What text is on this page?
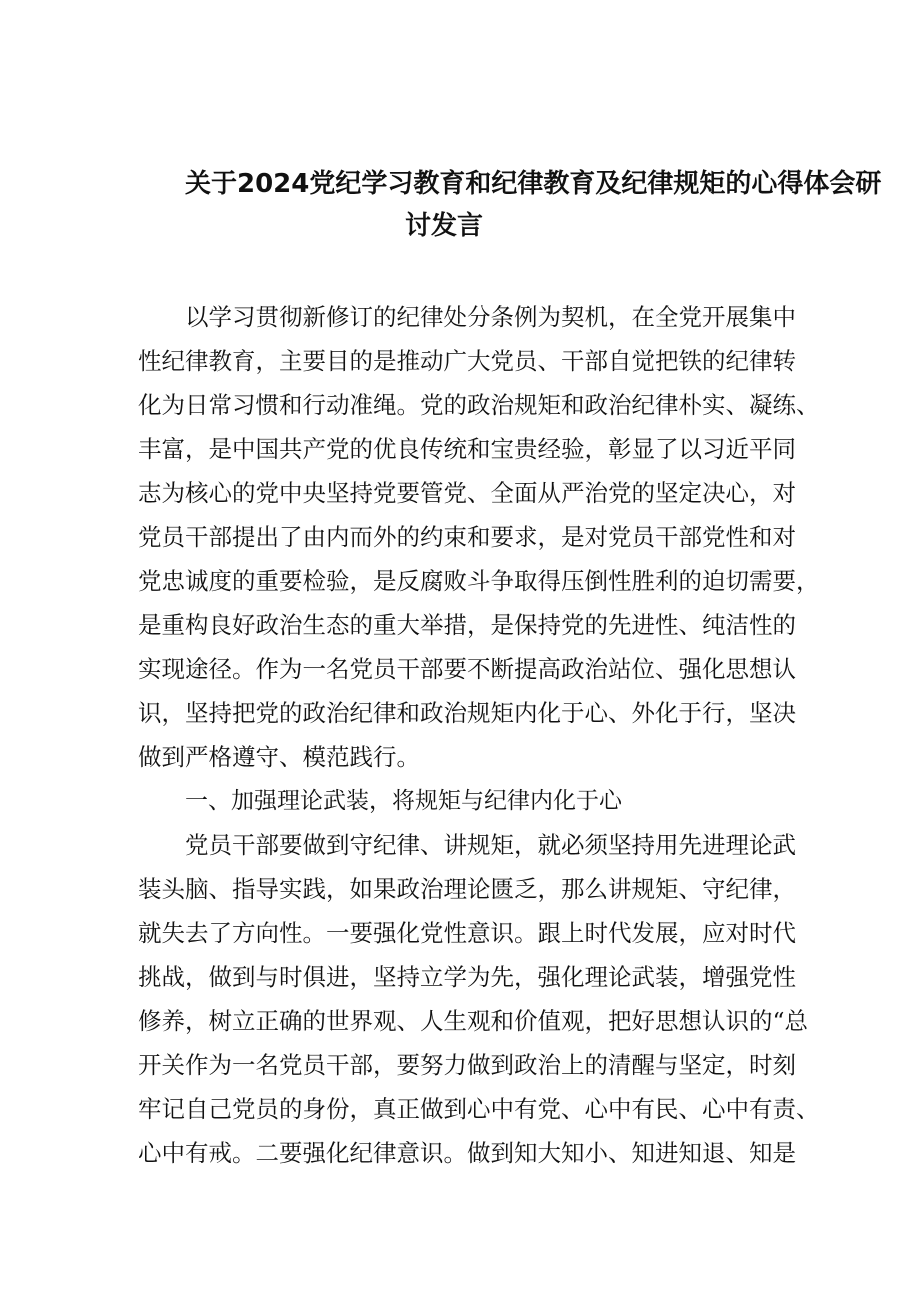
关于2024党纪学习教育和纪律教育及纪律规矩的心得体会研
讨发言
以学习贯彻新修订的纪律处分条例为契机，在全党开展集中
性纪律教育，主要目的是推动广大党员、干部自觉把铁的纪律转
化为日常习惯和行动准绳。党的政治规矩和政治纪律朴实、凝练、
丰富，是中国共产党的优良传统和宝贵经验，彰显了以习近平同
志为核心的党中央坚持党要管党、全面从严治党的坚定决心，对
党员干部提出了由内而外的约束和要求，是对党员干部党性和对
党忠诚度的重要检验，是反腐败斗争取得压倒性胜利的迫切需要，
是重构良好政治生态的重大举措，是保持党的先进性、纯洁性的
实现途径。作为一名党员干部要不断提高政治站位、强化思想认
识，坚持把党的政治纪律和政治规矩内化于心、外化于行，坚决
做到严格遵守、模范践行。
一、加强理论武装，将规矩与纪律内化于心
党员干部要做到守纪律、讲规矩，就必须坚持用先进理论武
装头脑、指导实践，如果政治理论匮乏，那么讲规矩、守纪律，
就失去了方向性。一要强化党性意识。跟上时代发展，应对时代
挑战，做到与时俱进，坚持立学为先，强化理论武装，增强党性
修养，树立正确的世界观、人生观和价值观，把好思想认识的“总
开关作为一名党员干部，要努力做到政治上的清醒与坚定，时刻
牢记自己党员的身份，真正做到心中有党、心中有民、心中有责、
心中有戒。二要强化纪律意识。做到知大知小、知进知退、知是
